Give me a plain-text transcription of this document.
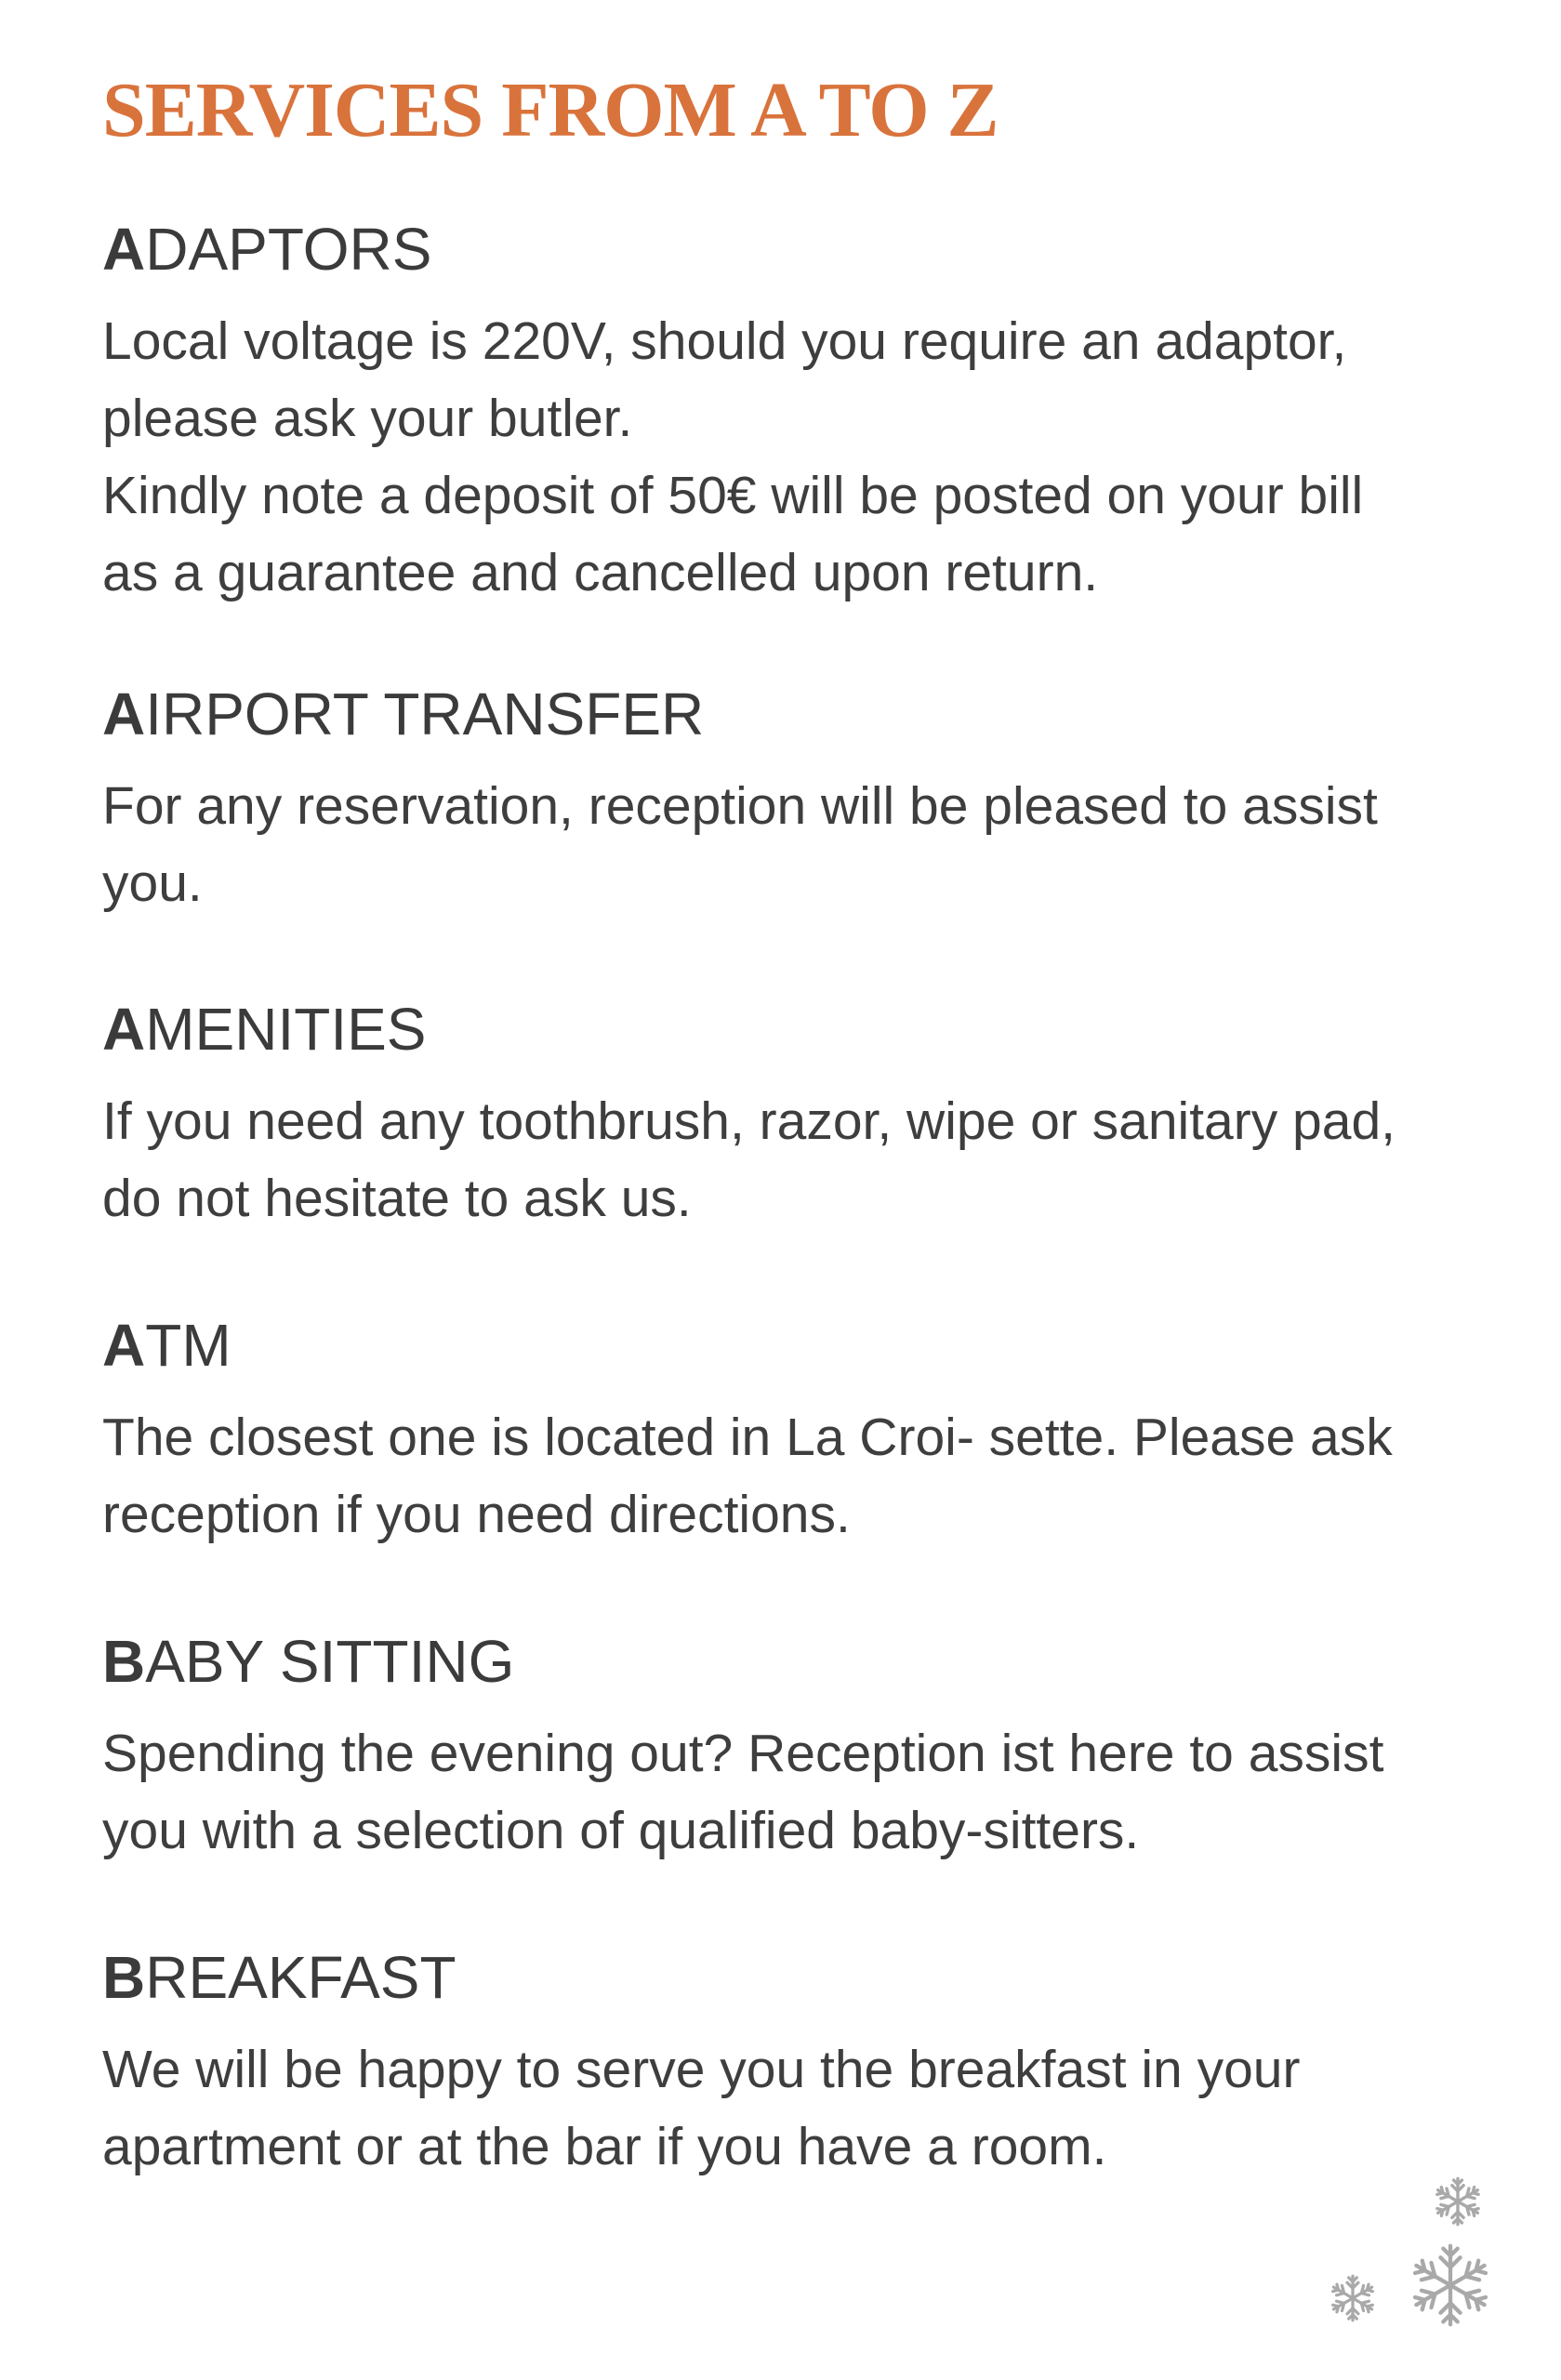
SERVICES FROM A TO Z
ADAPTORS

Local voltage is 220V, should you require an adaptor,
please ask your butler.
Kindly note a deposit of 50€ will be posted on your bill
as a guarantee and cancelled upon return.

AIRPORT TRANSFER

For any reservation, reception will be pleased to assist
you.

AMENITIES

If you need any toothbrush, razor, wipe or sanitary pad,
do not hesitate to ask us.

ATM

The closest one is located in La Croi- sette. Please ask
reception if you need directions.

BABY SITTING

Spending the evening out? Reception ist here to assist
you with a selection of qualified baby-sitters.

BREAKFAST

We will be happy to serve you the breakfast in your
apartment or at the bar if you have a room.
